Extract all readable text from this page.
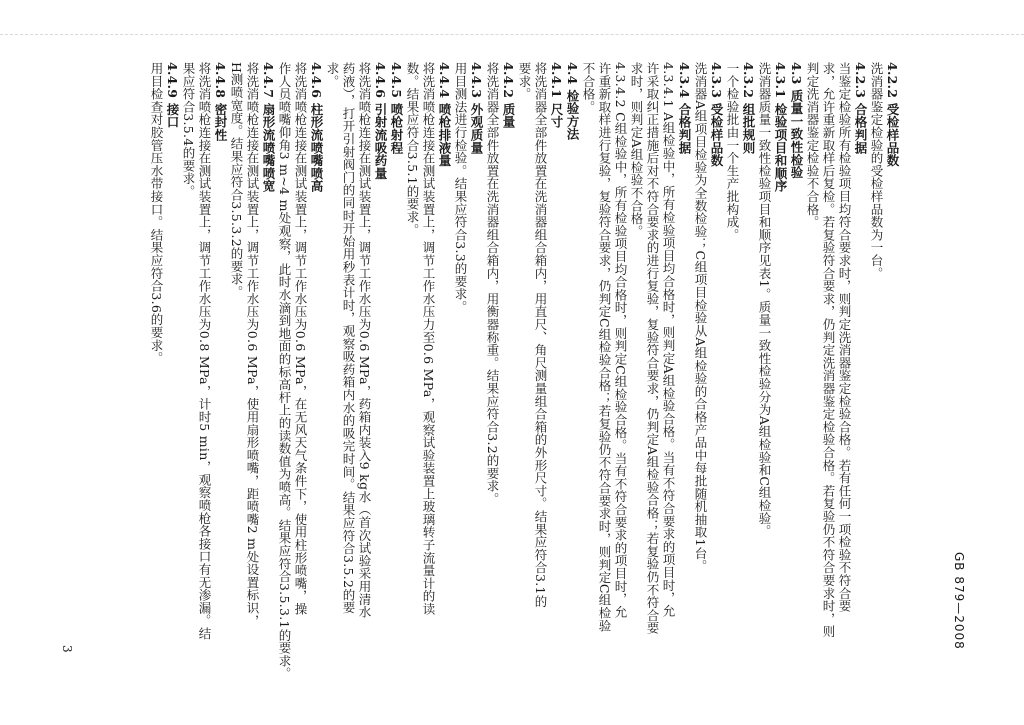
GB 879—2008
3
4.2.2 受检样品数
洗消器鉴定检验的受检样品数为一台。
4.2.3 合格判据
当鉴定检验所有检验项目均符合要求时，则判定洗消器鉴定检验合格。若有任何一项检验不符合要
求，允许重新取样后复检。若复验符合要求，仍判定洗消器鉴定检验合格。若复验仍不符合要求时，则
判定洗消器鉴定检验不合格。
4.3 质量一致性检验
4.3.1 检验项目和顺序
洗消器质量一致性检验项目和顺序见表1。质量一致性检验分为A组检验和C组检验。
4.3.2 组批规则
一个检验批由一个生产批构成。
4.3.3 受检样品数
洗消器A组项目检验为全数检验；C组项目检验从A组检验的合格产品中每批随机抽取1台。
4.3.4 合格判据
4.3.4.1 A组检验中，所有检验项目均合格时，则判定A组检验合格。当有不符合要求的项目时，允
许采取纠正措施后对不符合要求的进行复验，复验符合要求，仍判定A组检验合格；若复验仍不符合要
求时，则判定A组检验不合格。
4.3.4.2 C组检验中，所有检验项目均合格时，则判定C组检验合格。当有不符合要求的项目时，允
许重新取样进行复验，复验符合要求，仍判定C组检验合格；若复验仍不符合要求时，则判定C组检验
不合格。
4.4 检验方法
4.4.1 尺寸
将洗消器全部件放置在洗消器组合箱内，用直尺、角尺测量组合箱的外形尺寸。结果应符合3.1的
要求。
4.4.2 质量
将洗消器全部件放置在洗消器组合箱内，用衡器称重。结果应符合3.2的要求。
4.4.3 外观质量
用目测法进行检验。结果应符合3.3的要求。
4.4.4 喷枪排液量
将洗消喷枪连接在测试装置上，调节工作水压力至0.6 MPa，观察试验装置上玻璃转子流量计的读
数。结果应符合3.5.1的要求。
4.4.5 喷枪射程
4.4.6 引射流吸药量
将洗消喷枪连接在测试装置上，调节工作水压为0.6 MPa，药箱内装入9 kg水（首次试验采用清水
药液），打开引射阀门的同时开始用秒表计时，观察吸药箱内水的吸完时间。结果应符合3.5.2的要
求。
4.4.6 柱形流喷嘴喷高
将洗消喷枪连接在测试装置上，调节工作水压为0.6 MPa，在无风天气条件下，使用柱形喷嘴，操
作人员喷嘴仰角3 m~4 m处观察，此时水滴到地面的标高杆上的读数值为喷高。结果应符合3.5.3.1的要求。
4.4.7 扇形流喷嘴喷宽
将洗消喷枪连接在测试装置上，调节工作水压为0.6 MPa，使用扇形喷嘴，距喷嘴2 m处设置标识，
H测喷宽度。结果应符合3.5.3.2的要求。
4.4.8 密封性
将洗消喷枪连接在测试装置上，调节工作水压为0.8 MPa，计时5 min，观察喷枪各接口有无渗漏。结
果应符合3.5.4的要求。
4.4.9 接口
用目检查对胶管压水带接口。结果应符合3.6的要求。
